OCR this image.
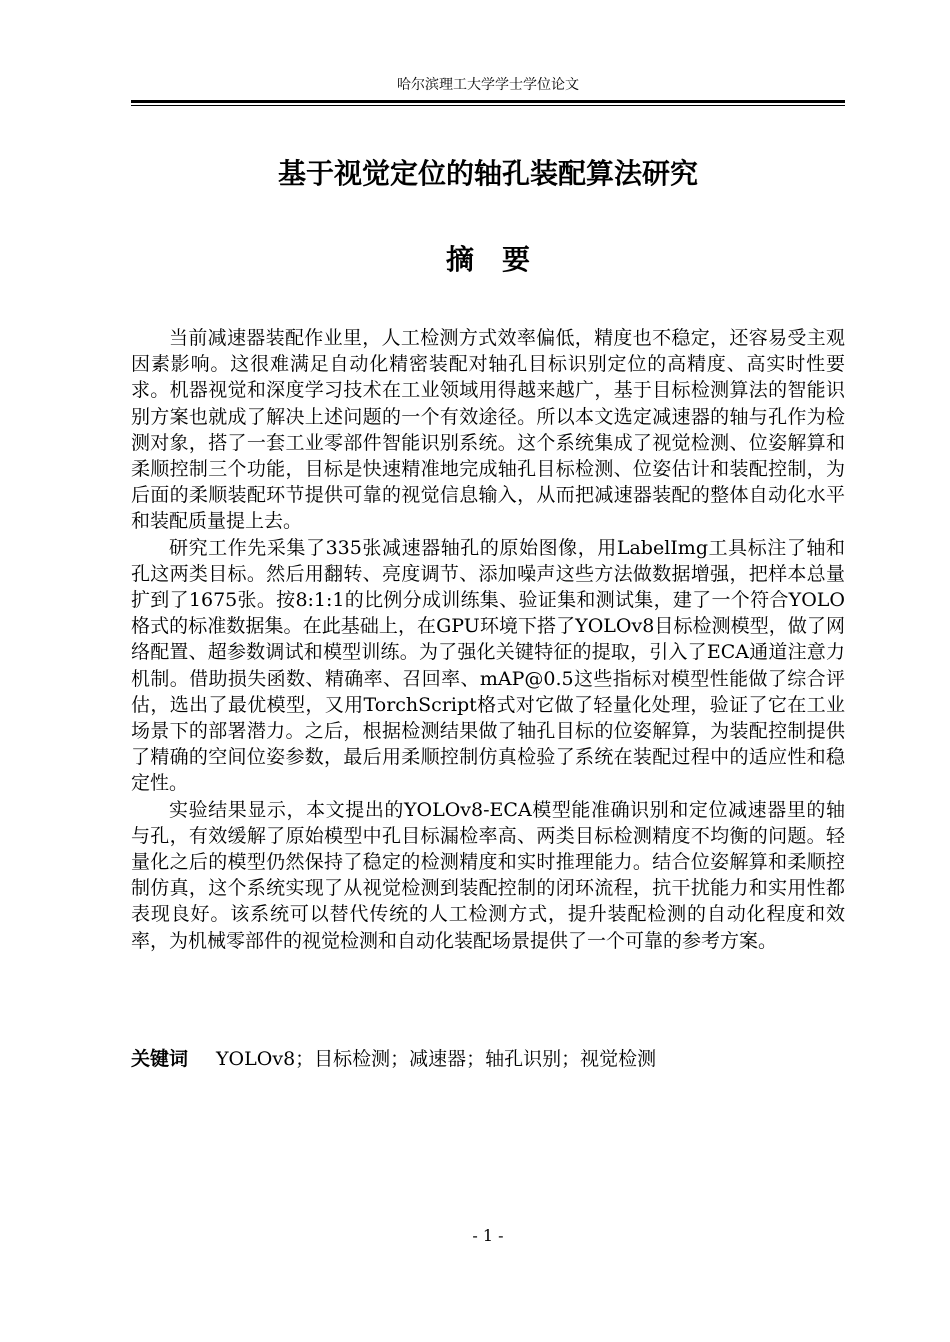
哈尔滨理工大学学士学位论文
基于视觉定位的轴孔装配算法研究
摘要

当前减速器装配作业里，人工检测方式效率偏低，精度也不稳定，还容易受主观因素影响。这很难满足自动化精密装配对轴孔目标识别定位的高精度、高实时性要求。机器视觉和深度学习技术在工业领域用得越来越广，基于目标检测算法的智能识别方案也就成了解决上述问题的一个有效途径。所以本文选定减速器的轴与孔作为检测对象，搭了一套工业零部件智能识别系统。这个系统集成了视觉检测、位姿解算和柔顺控制三个功能，目标是快速精准地完成轴孔目标检测、位姿估计和装配控制，为后面的柔顺装配环节提供可靠的视觉信息输入，从而把减速器装配的整体自动化水平和装配质量提上去。

研究工作先采集了335张减速器轴孔的原始图像，用LabelImg工具标注了轴和孔这两类目标。然后用翻转、亮度调节、添加噪声这些方法做数据增强，把样本总量扩到了1675张。按8:1:1的比例分成训练集、验证集和测试集，建了一个符合YOLO格式的标准数据集。在此基础上，在GPU环境下搭了YOLOv8目标检测模型，做了网络配置、超参数调试和模型训练。为了强化关键特征的提取，引入了ECA通道注意力机制。借助损失函数、精确率、召回率、mAP@0.5这些指标对模型性能做了综合评估，选出了最优模型，又用TorchScript格式对它做了轻量化处理，验证了它在工业场景下的部署潜力。之后，根据检测结果做了轴孔目标的位姿解算，为装配控制提供了精确的空间位姿参数，最后用柔顺控制仿真检验了系统在装配过程中的适应性和稳定性。

实验结果显示，本文提出的YOLOv8-ECA模型能准确识别和定位减速器里的轴与孔，有效缓解了原始模型中孔目标漏检率高、两类目标检测精度不均衡的问题。轻量化之后的模型仍然保持了稳定的检测精度和实时推理能力。结合位姿解算和柔顺控制仿真，这个系统实现了从视觉检测到装配控制的闭环流程，抗干扰能力和实用性都表现良好。该系统可以替代传统的人工检测方式，提升装配检测的自动化程度和效率，为机械零部件的视觉检测和自动化装配场景提供了一个可靠的参考方案。

关键词 YOLOv8；目标检测；减速器；轴孔识别；视觉检测
- 1 -
